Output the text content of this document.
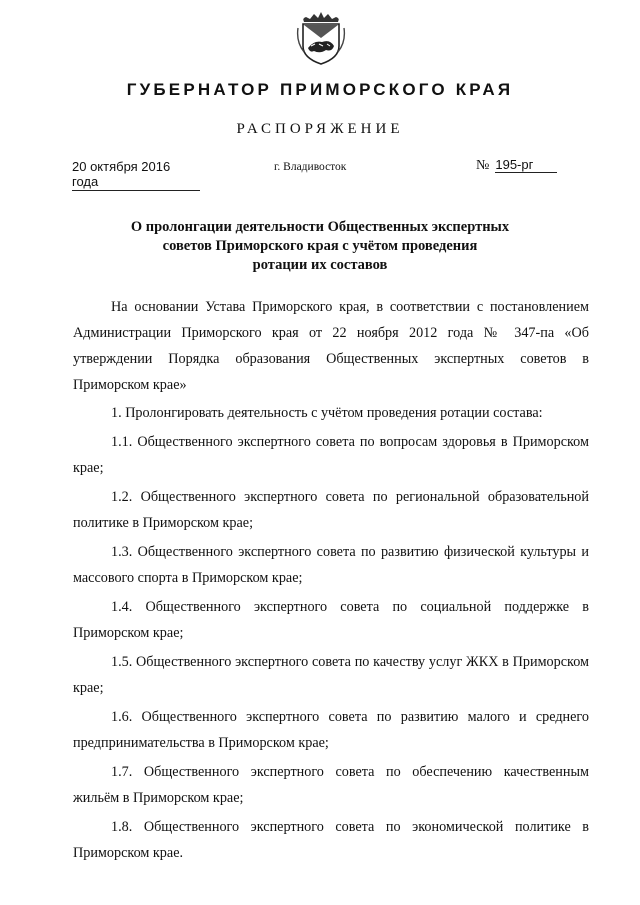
ГУБЕРНАТОР ПРИМОРСКОГО КРАЯ
РАСПОРЯЖЕНИЕ
20 октября 2016 года
г. Владивосток	№ 195-рг
О пролонгации деятельности Общественных экспертных
советов Приморского края с учётом проведения
ротации их составов

На основании Устава Приморского края, в соответствии с постановлением Администрации Приморского края от 22 ноября 2012 года № 347-па «Об утверждении Порядка образования Общественных экспертных советов в Приморском крае»

1. Пролонгировать деятельность с учётом проведения ротации состава:

1.1. Общественного экспертного совета по вопросам здоровья в Приморском крае;

1.2. Общественного экспертного совета по региональной образовательной политике в Приморском крае;

1.3. Общественного экспертного совета по развитию физической культуры и массового спорта в Приморском крае;

1.4. Общественного экспертного совета по социальной поддержке в Приморском крае;

1.5. Общественного экспертного совета по качеству услуг ЖКХ в Приморском крае;

1.6. Общественного экспертного совета по развитию малого и среднего предпринимательства в Приморском крае;

1.7. Общественного экспертного совета по обеспечению качественным жильём в Приморском крае;

1.8. Общественного экспертного совета по экономической политике в Приморском крае.
